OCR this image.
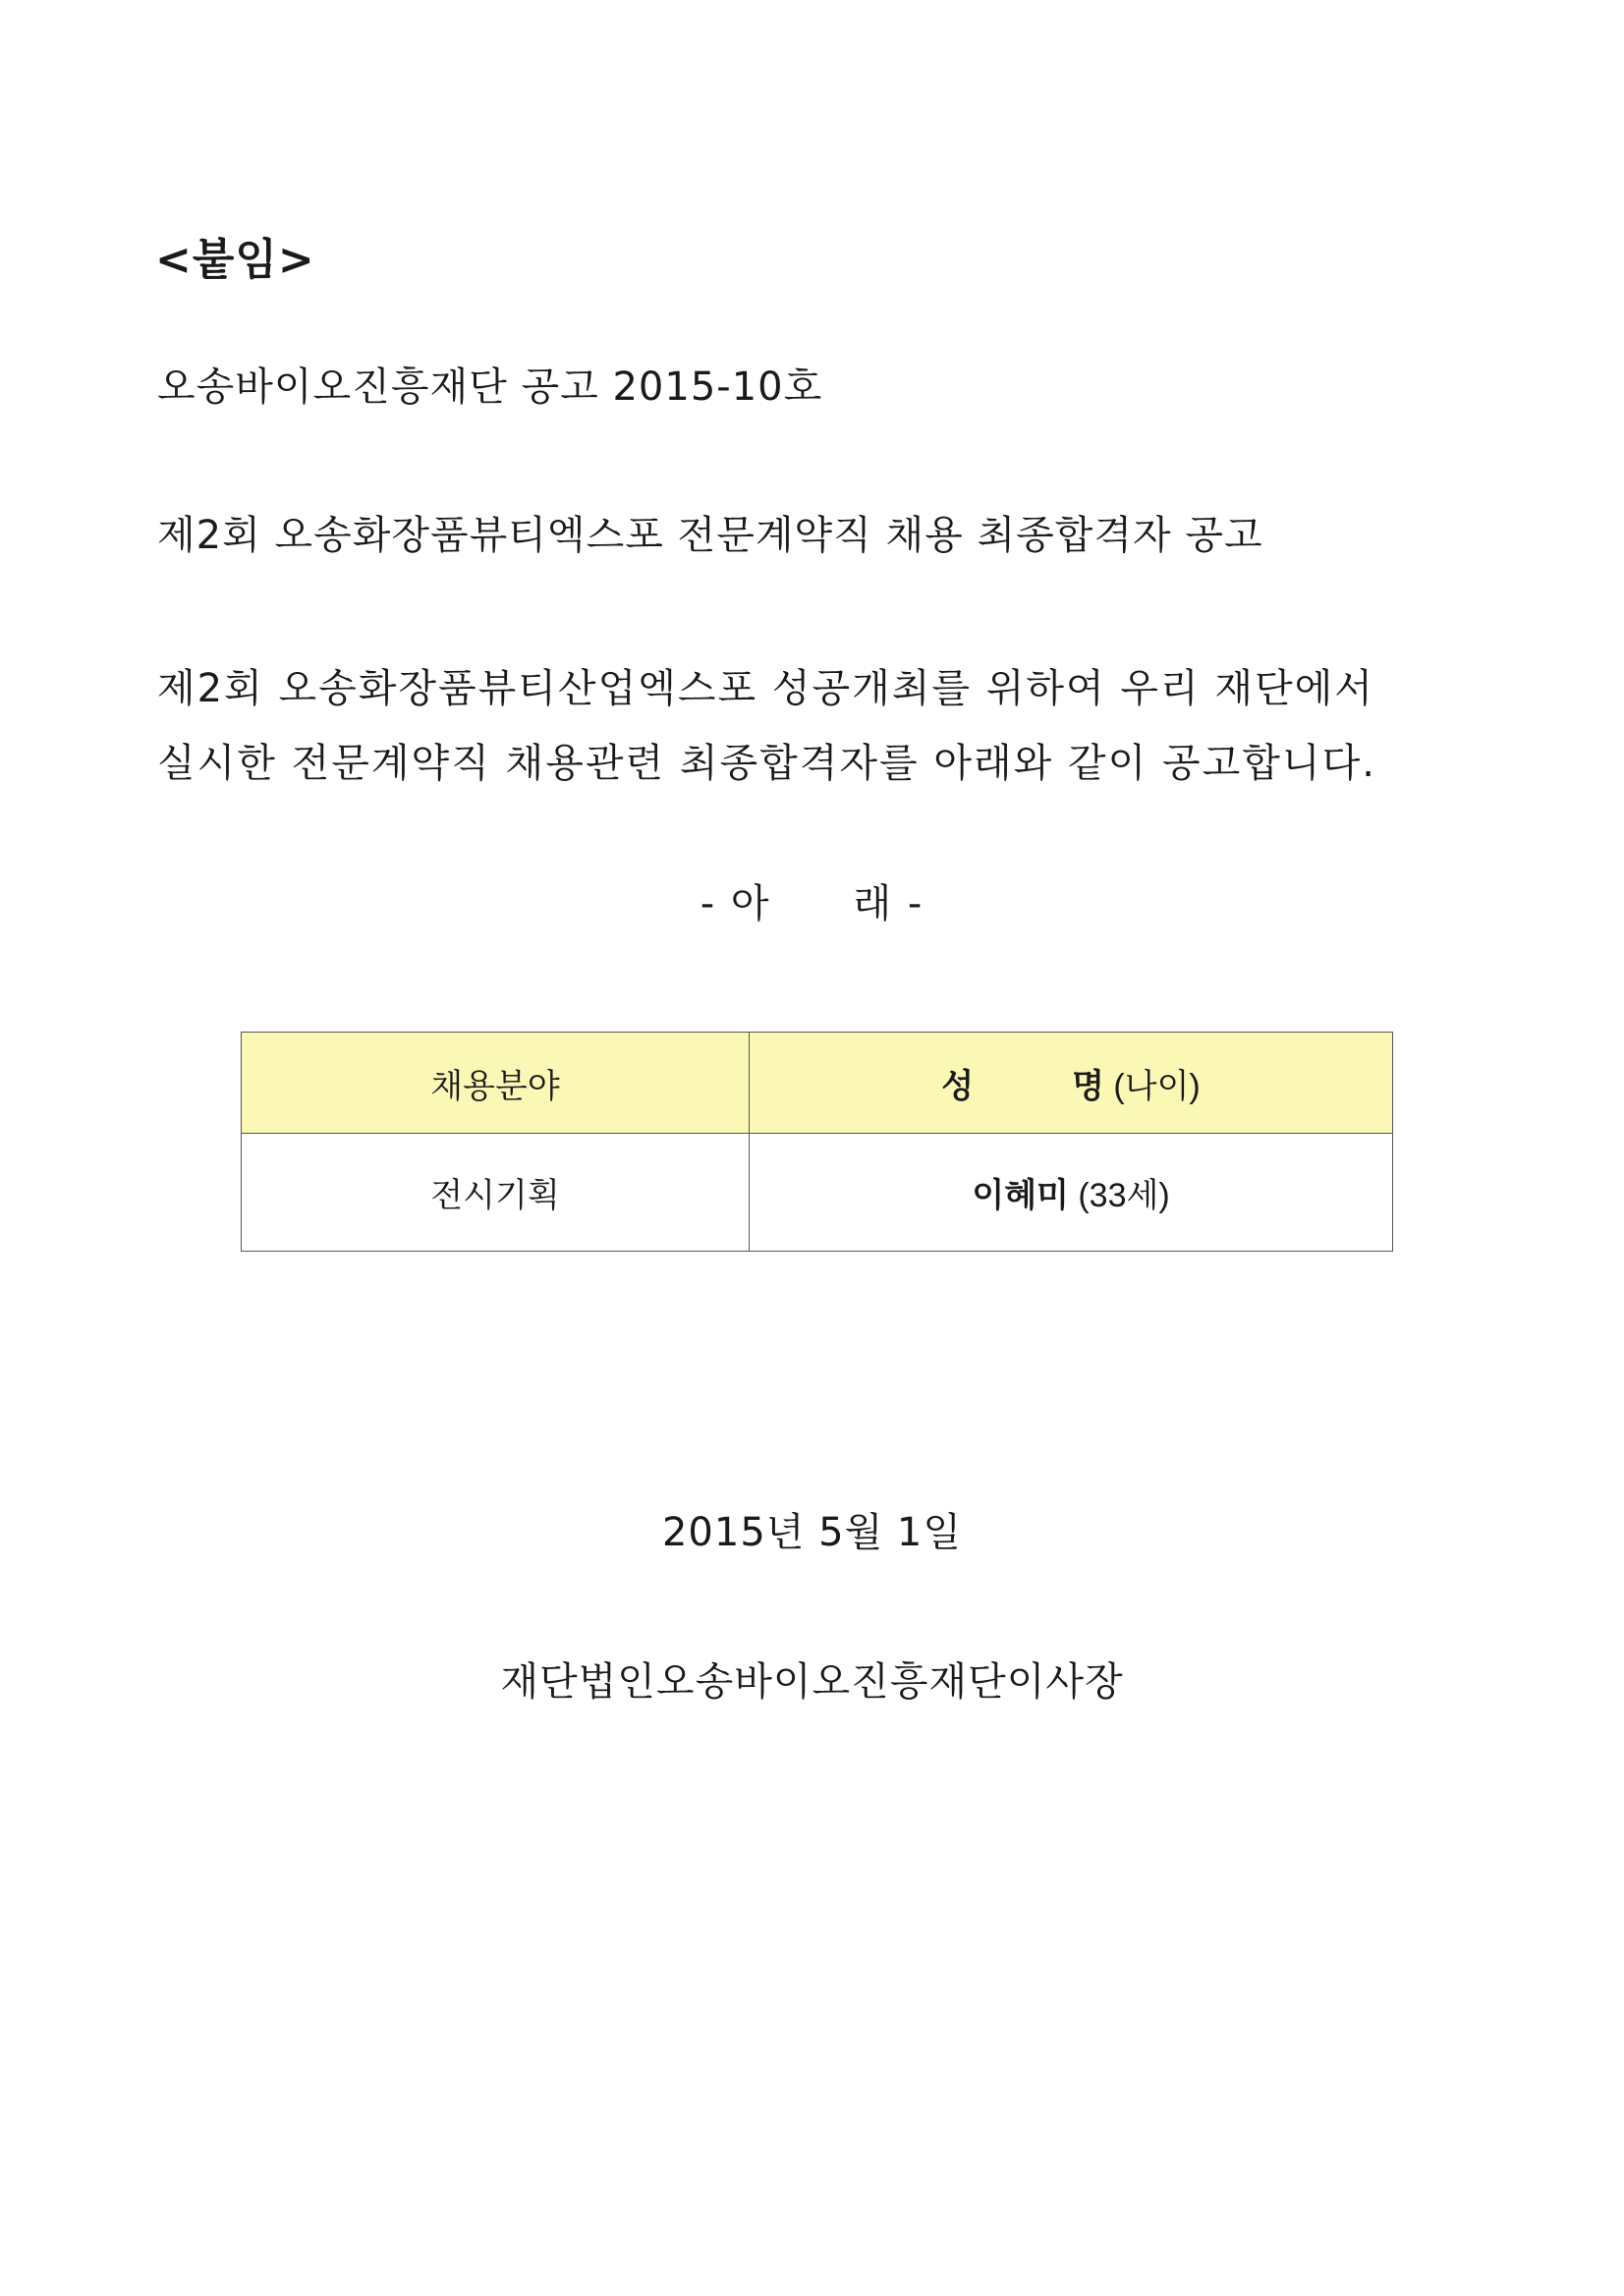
<붙임>
오송바이오진흥재단 공고 2015-10호
제2회 오송화장품뷰티엑스포 전문계약직 채용 최종합격자 공고
제2회 오송화장품뷰티산업엑스포 성공개최를 위하여 우리 재단에서
실시한 전문계약직 채용관련 최종합격자를 아래와 같이 공고합니다.
- 아 래 -
채용분야	성 명 (나이)
전시기획	이혜미 (33세)
2015년 5월 1일
재단법인오송바이오진흥재단이사장
